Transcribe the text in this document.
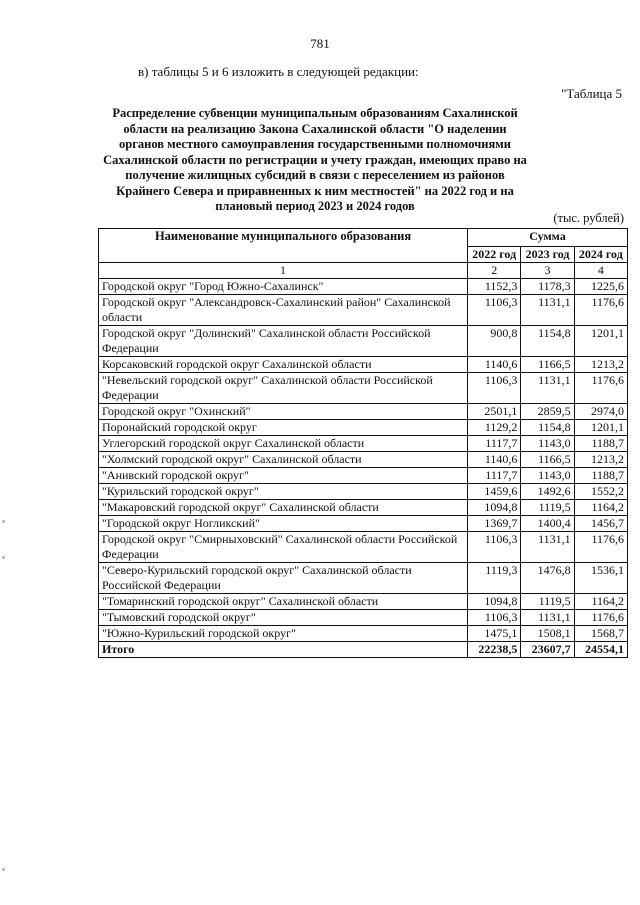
781
в) таблицы 5 и 6 изложить в следующей редакции:
"Таблица 5
Распределение субвенции муниципальным образованиям Сахалинской области на реализацию Закона Сахалинской области "О наделении органов местного самоуправления государственными полномочиями Сахалинской области по регистрации и учету граждан, имеющих право на получение жилищных субсидий в связи с переселением из районов Крайнего Севера и приравненных к ним местностей" на 2022 год и на плановый период 2023 и 2024 годов
(тыс. рублей)
Наименование муниципального образования	Сумма		
	2022 год	2023 год	2024 год
1	2	3	4
Городской округ "Город Южно-Сахалинск"	1152,3	1178,3	1225,6
Городской округ "Александровск-Сахалинский район" Сахалинской области	1106,3	1131,1	1176,6
Городской округ "Долинский" Сахалинской области Российской Федерации	900,8	1154,8	1201,1
Корсаковский городской округ Сахалинской области	1140,6	1166,5	1213,2
"Невельский городской округ" Сахалинской области Российской Федерации	1106,3	1131,1	1176,6
Городской округ "Охинский"	2501,1	2859,5	2974,0
Поронайский городской округ	1129,2	1154,8	1201,1
Углегорский городской округ Сахалинской области	1117,7	1143,0	1188,7
"Холмский городской округ" Сахалинской области	1140,6	1166,5	1213,2
"Анивский городской округ"	1117,7	1143,0	1188,7
"Курильский городской округ"	1459,6	1492,6	1552,2
"Макаровский городской округ" Сахалинской области	1094,8	1119,5	1164,2
"Городской округ Ногликский"	1369,7	1400,4	1456,7
Городской округ "Смирныховский" Сахалинской области Российской Федерации	1106,3	1131,1	1176,6
"Северо-Курильский городской округ" Сахалинской области Российской Федерации	1119,3	1476,8	1536,1
"Томаринский городской округ" Сахалинской области	1094,8	1119,5	1164,2
"Тымовский городской округ"	1106,3	1131,1	1176,6
"Южно-Курильский городской округ"	1475,1	1508,1	1568,7
Итого	22238,5	23607,7	24554,1
